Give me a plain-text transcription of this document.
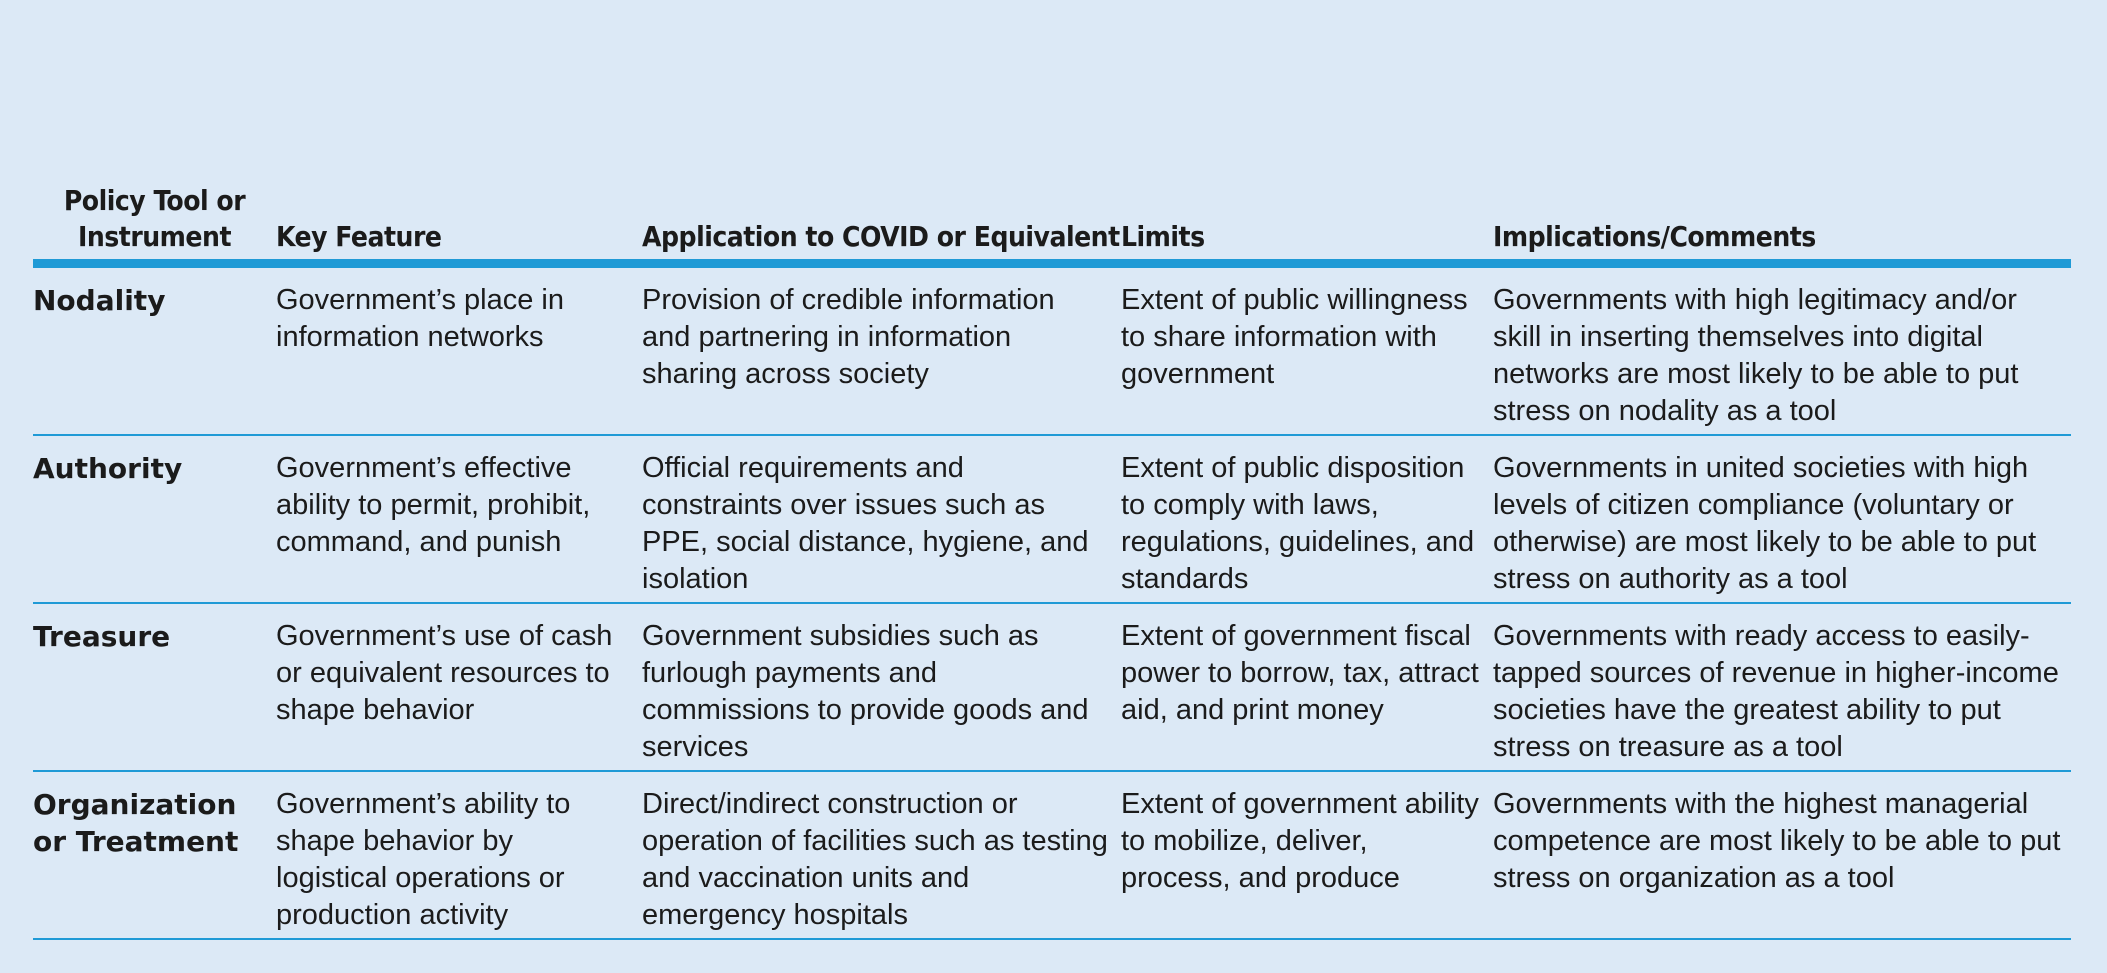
Policy Tool or Instrument	Key Feature	Application to COVID or Equivalent	Limits	Implications/Comments
Nodality	Government’s place in information networks	Provision of credible information and partnering in information sharing across society	Extent of public willingness to share information with government	Governments with high legitimacy and/or skill in inserting themselves into digital networks are most likely to be able to put stress on nodality as a tool
Authority	Government’s effective ability to permit, prohibit, command, and punish	Official requirements and constraints over issues such as PPE, social distance, hygiene, and isolation	Extent of public disposition to comply with laws, regulations, guidelines, and standards	Governments in united societies with high levels of citizen compliance (voluntary or otherwise) are most likely to be able to put stress on authority as a tool
Treasure	Government’s use of cash or equivalent resources to shape behavior	Government subsidies such as furlough payments and commissions to provide goods and services	Extent of government fiscal power to borrow, tax, attract aid, and print money	Governments with ready access to easily-tapped sources of revenue in higher-income societies have the greatest ability to put stress on treasure as a tool
Organization or Treatment	Government’s ability to shape behavior by logistical operations or production activity	Direct/indirect construction or operation of facilities such as testing and vaccination units and emergency hospitals	Extent of government ability to mobilize, deliver, process, and produce	Governments with the highest managerial competence are most likely to be able to put stress on organization as a tool
